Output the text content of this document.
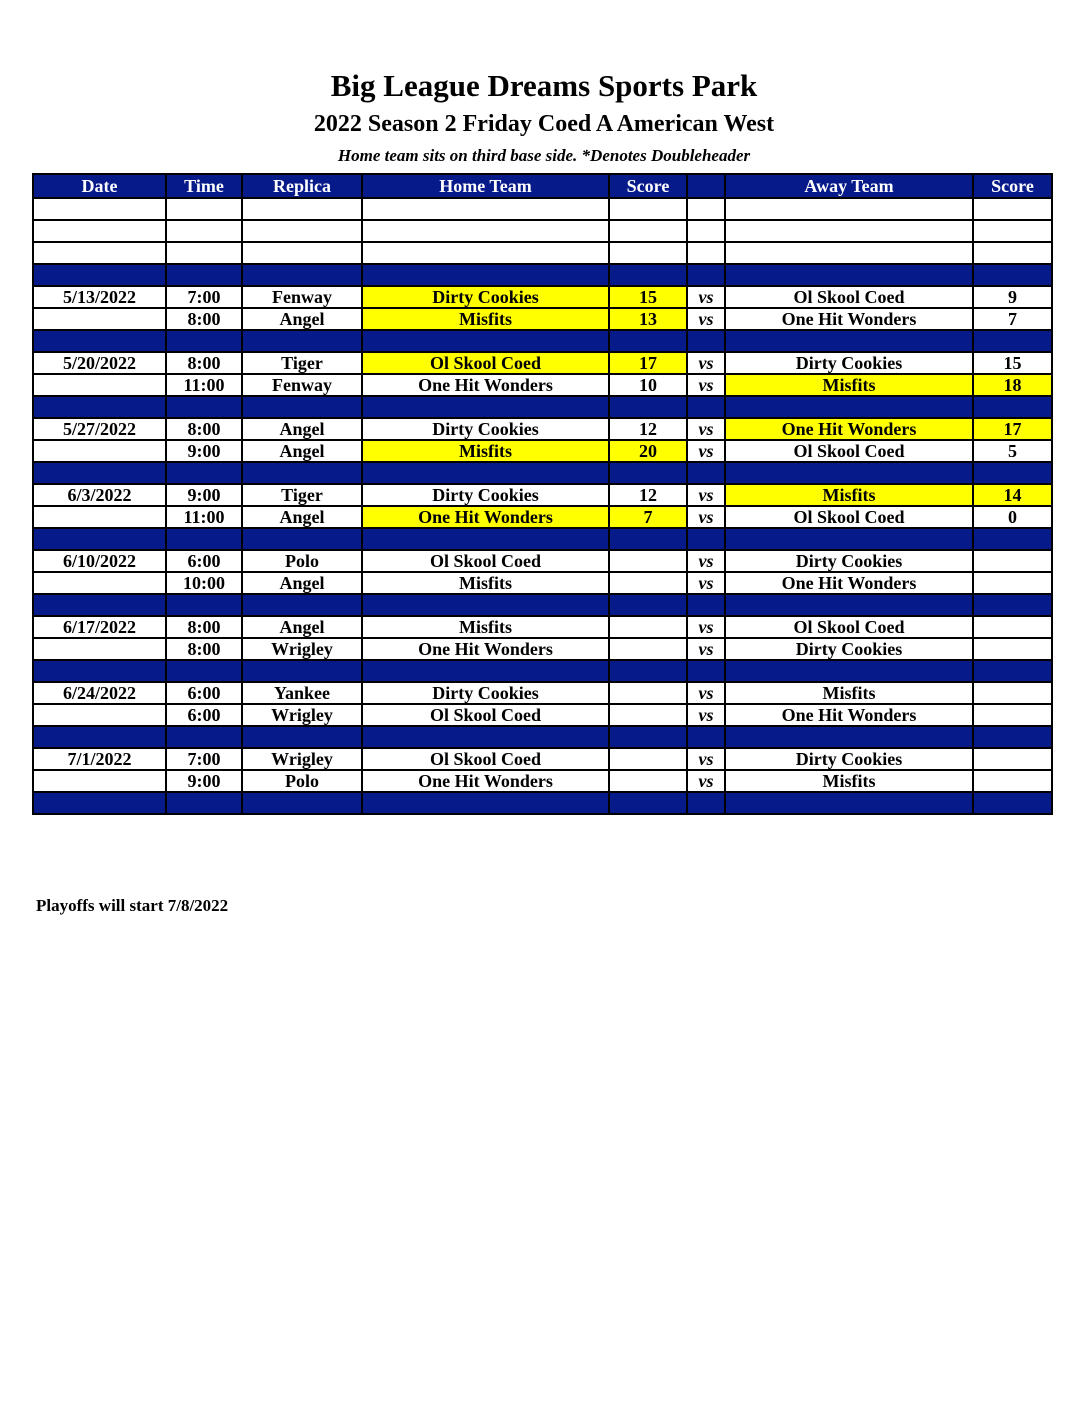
Big League Dreams Sports Park
2022 Season 2 Friday Coed A American West
Home team sits on third base side. *Denotes Doubleheader
Date	Time	Replica	Home Team	Score		Away Team	Score

5/13/2022	7:00	Fenway	Dirty Cookies	15	vs	Ol Skool Coed	9
	8:00	Angel	Misfits	13	vs	One Hit Wonders	7

5/20/2022	8:00	Tiger	Ol Skool Coed	17	vs	Dirty Cookies	15
	11:00	Fenway	One Hit Wonders	10	vs	Misfits	18

5/27/2022	8:00	Angel	Dirty Cookies	12	vs	One Hit Wonders	17
	9:00	Angel	Misfits	20	vs	Ol Skool Coed	5

6/3/2022	9:00	Tiger	Dirty Cookies	12	vs	Misfits	14
	11:00	Angel	One Hit Wonders	7	vs	Ol Skool Coed	0

6/10/2022	6:00	Polo	Ol Skool Coed		vs	Dirty Cookies	
	10:00	Angel	Misfits		vs	One Hit Wonders	

6/17/2022	8:00	Angel	Misfits		vs	Ol Skool Coed	
	8:00	Wrigley	One Hit Wonders		vs	Dirty Cookies	

6/24/2022	6:00	Yankee	Dirty Cookies		vs	Misfits	
	6:00	Wrigley	Ol Skool Coed		vs	One Hit Wonders	

7/1/2022	7:00	Wrigley	Ol Skool Coed		vs	Dirty Cookies	
	9:00	Polo	One Hit Wonders		vs	Misfits	

Playoffs will start 7/8/2022
